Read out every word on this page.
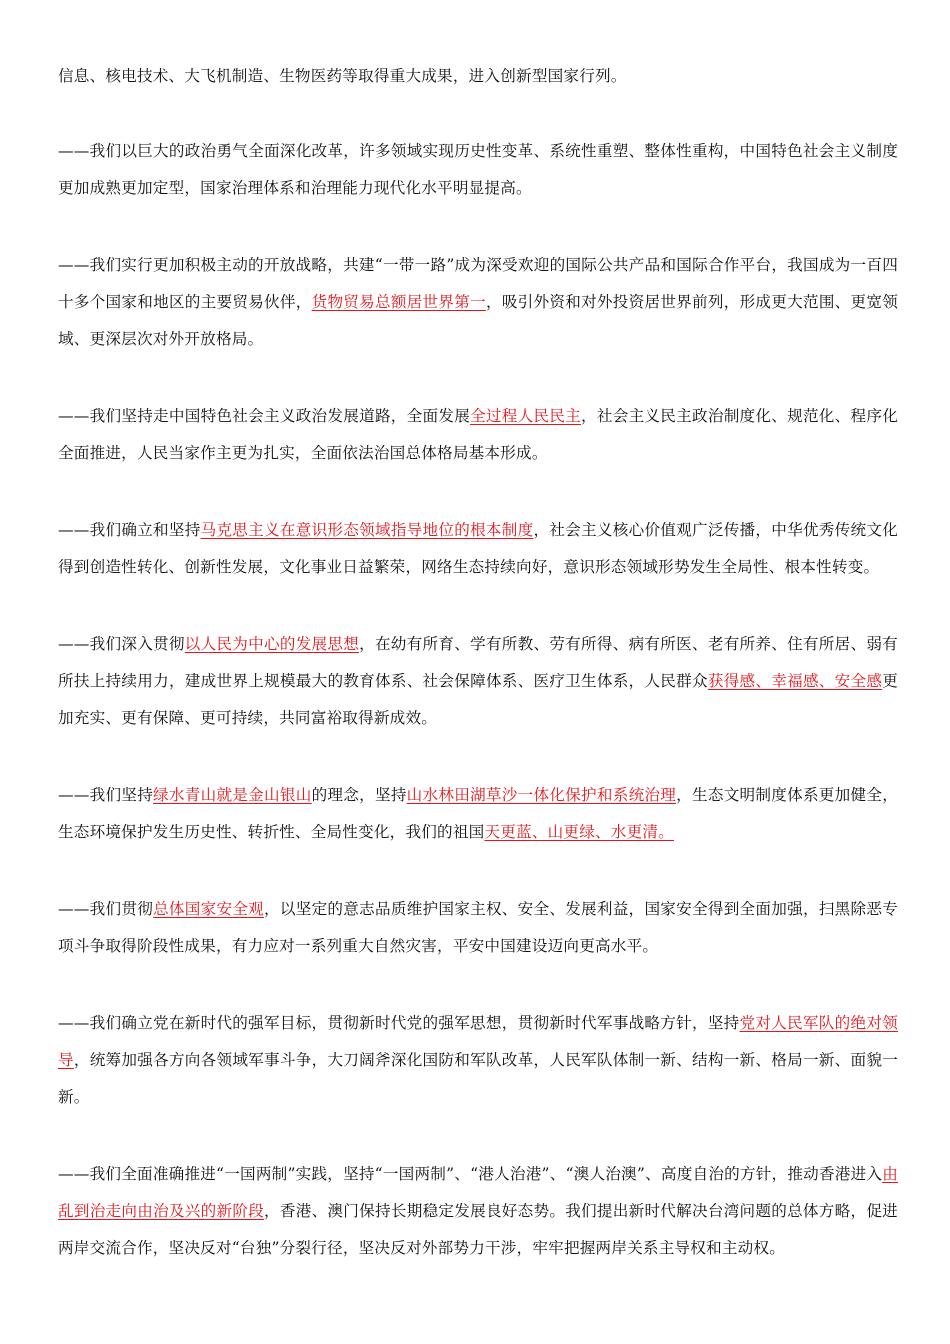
信息、核电技术、大飞机制造、生物医药等取得重大成果，进入创新型国家行列。

——我们以巨大的政治勇气全面深化改革，许多领域实现历史性变革、系统性重塑、整体性重构，中国特色社会主义制度更加成熟更加定型，国家治理体系和治理能力现代化水平明显提高。

——我们实行更加积极主动的开放战略，共建“一带一路”成为深受欢迎的国际公共产品和国际合作平台，我国成为一百四十多个国家和地区的主要贸易伙伴，货物贸易总额居世界第一，吸引外资和对外投资居世界前列，形成更大范围、更宽领域、更深层次对外开放格局。

——我们坚持走中国特色社会主义政治发展道路，全面发展全过程人民民主，社会主义民主政治制度化、规范化、程序化全面推进，人民当家作主更为扎实，全面依法治国总体格局基本形成。

——我们确立和坚持马克思主义在意识形态领域指导地位的根本制度，社会主义核心价值观广泛传播，中华优秀传统文化得到创造性转化、创新性发展，文化事业日益繁荣，网络生态持续向好，意识形态领域形势发生全局性、根本性转变。

——我们深入贯彻以人民为中心的发展思想，在幼有所育、学有所教、劳有所得、病有所医、老有所养、住有所居、弱有所扶上持续用力，建成世界上规模最大的教育体系、社会保障体系、医疗卫生体系，人民群众获得感、幸福感、安全感更加充实、更有保障、更可持续，共同富裕取得新成效。

——我们坚持绿水青山就是金山银山的理念，坚持山水林田湖草沙一体化保护和系统治理，生态文明制度体系更加健全，生态环境保护发生历史性、转折性、全局性变化，我们的祖国天更蓝、山更绿、水更清。

——我们贯彻总体国家安全观，以坚定的意志品质维护国家主权、安全、发展利益，国家安全得到全面加强，扫黑除恶专项斗争取得阶段性成果，有力应对一系列重大自然灾害，平安中国建设迈向更高水平。

——我们确立党在新时代的强军目标，贯彻新时代党的强军思想，贯彻新时代军事战略方针，坚持党对人民军队的绝对领导，统筹加强各方向各领域军事斗争，大刀阔斧深化国防和军队改革，人民军队体制一新、结构一新、格局一新、面貌一新。

——我们全面准确推进“一国两制”实践，坚持“一国两制”、“港人治港”、“澳人治澳”、高度自治的方针，推动香港进入由乱到治走向由治及兴的新阶段，香港、澳门保持长期稳定发展良好态势。我们提出新时代解决台湾问题的总体方略，促进两岸交流合作，坚决反对“台独”分裂行径，坚决反对外部势力干涉，牢牢把握两岸关系主导权和主动权。
